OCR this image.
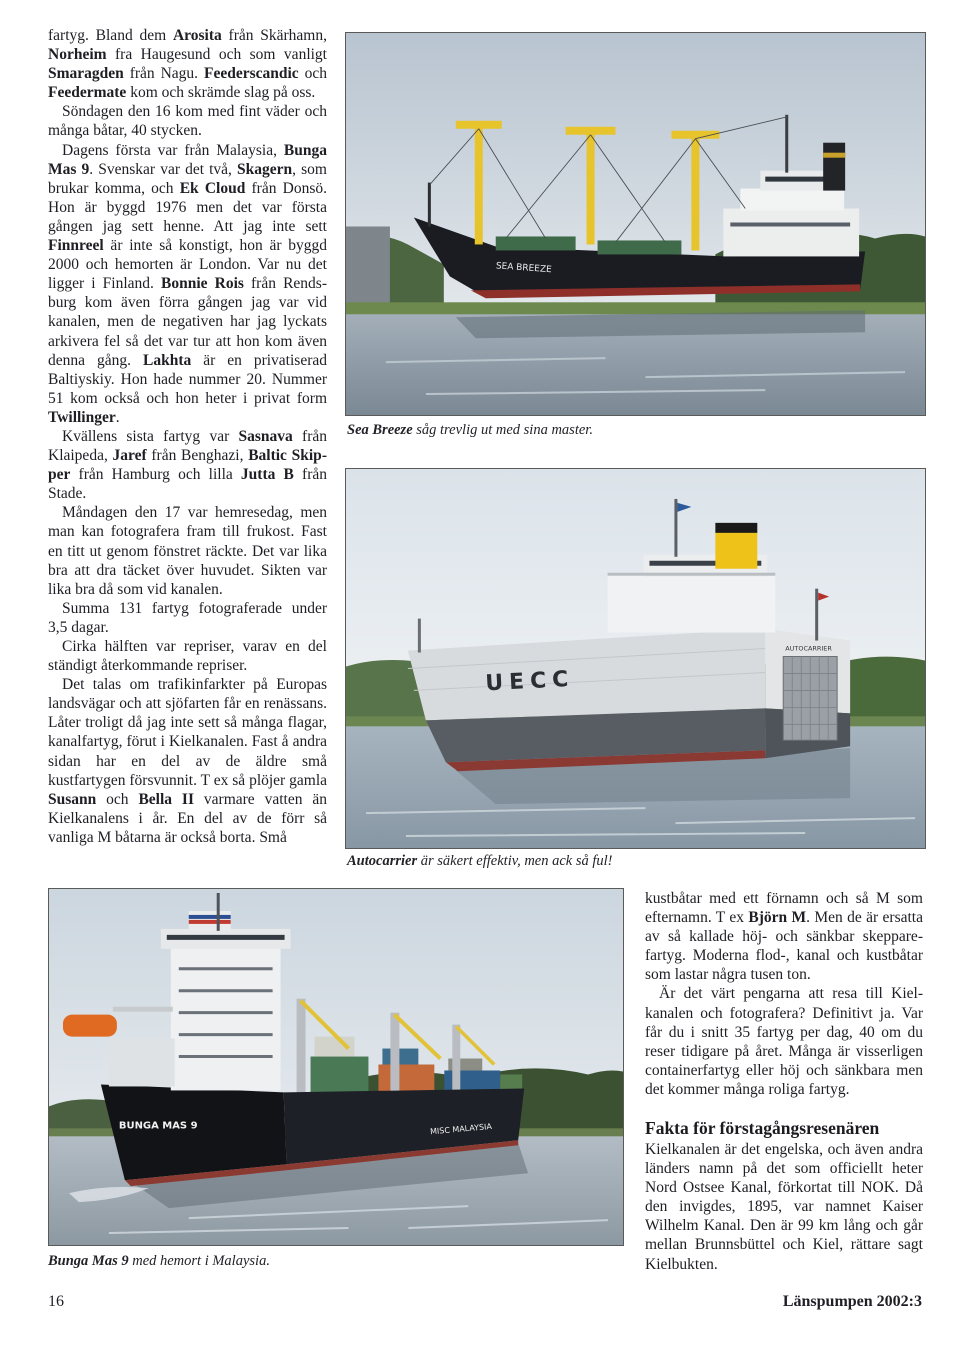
fartyg. Bland dem Arosita från Skärhamn, Norheim fra Haugesund och som vanligt Smaragden från Nagu. Feederscandic och Feedermate kom och skrämde slag på oss.

Söndagen den 16 kom med fint väder och många båtar, 40 stycken.

Dagens första var från Malaysia, Bunga Mas 9. Svenskar var det två, Skagern, som brukar komma, och Ek Cloud från Donsö. Hon är byggd 1976 men det var första gången jag sett henne. Att jag inte sett Finnreel är inte så konstigt, hon är byggd 2000 och hemorten är London. Var nu det ligger i Finland. Bonnie Rois från Rendsburg kom även förra gången jag var vid kanalen, men de negativen har jag lyckats arkivera fel så det var tur att hon kom även denna gång. Lakhta är en privatiserad Baltiyskiy. Hon hade nummer 20. Nummer 51 kom också och hon heter i privat form Twillinger.

Kvällens sista fartyg var Sasnava från Klaipeda, Jaref från Benghazi, Baltic Skipper från Hamburg och lilla Jutta B från Stade.

Måndagen den 17 var hemresedag, men man kan fotografera fram till frukost. Fast en titt ut genom fönstret räckte. Det var lika bra att dra täcket över huvudet. Sikten var lika bra då som vid kanalen.

Summa 131 fartyg fotograferade under 3,5 dagar.

Cirka hälften var repriser, varav en del ständigt återkommande repriser.

Det talas om trafikinfarkter på Europas landsvägar och att sjöfarten får en renässans. Låter troligt då jag inte sett så många flagar, kanalfartyg, förut i Kielkanalen. Fast å andra sidan har en del av de äldre små kustfartygen försvunnit. T ex så plöjer gamla Susann och Bella II varmare vatten än Kielkanalens i år. En del av de förr så vanliga M båtarna är också borta. Små

SEA BREEZE
Sea Breeze såg trevlig ut med sina master.
UECC
AUTOCARRIER
Autocarrier är säkert effektiv, men ack så ful!
BUNGA MAS 9	MISC MALAYSIA
Bunga Mas 9 med hemort i Malaysia.

kustbåtar med ett förnamn och så M som efternamn. T ex Björn M. Men de är ersatta av så kallade höj- och sänkbar skepparefartyg. Moderna flod-, kanal och kustbåtar som lastar några tusen ton.

Är det värt pengarna att resa till Kielkanalen och fotografera? Definitivt ja. Var får du i snitt 35 fartyg per dag, 40 om du reser tidigare på året. Många är visserligen containerfartyg eller höj och sänkbara men det kommer många roliga fartyg.

Fakta för förstagångsresenären

Kielkanalen är det engelska, och även andra länders namn på det som officiellt heter Nord Ostsee Kanal, förkortat till NOK. Då den invigdes, 1895, var namnet Kaiser Wilhelm Kanal. Den är 99 km lång och går mellan Brunnsbüttel och Kiel, rättare sagt Kielbukten.

16	Länspumpen 2002:3
